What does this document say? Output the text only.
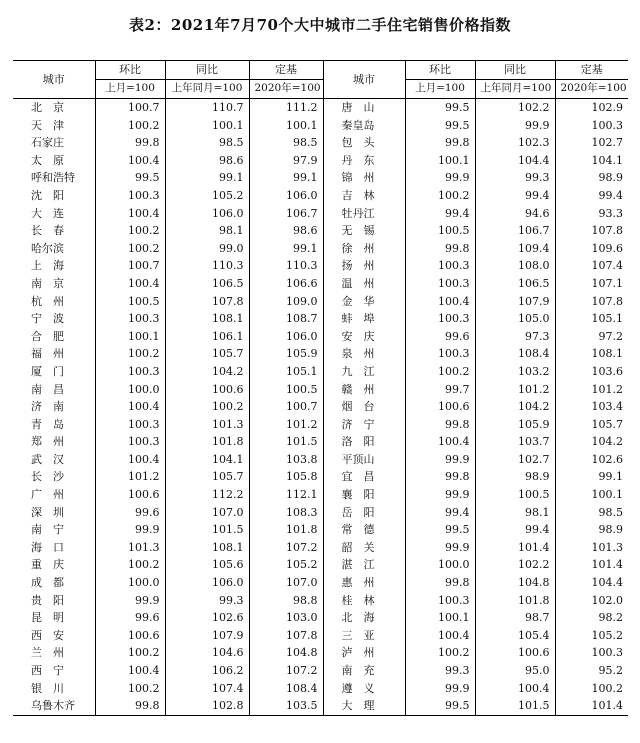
表2：2021年7月70个大中城市二手住宅销售价格指数
城市	环比	同比	定基	城市	环比	同比	定基
	上月=100	上年同月=100	2020年=100		上月=100	上年同月=100	2020年=100
北　京	100.7	110.7	111.2	唐　山	99.5	102.2	102.9
天　津	100.2	100.1	100.1	秦皇岛	99.5	99.9	100.3
石家庄	99.8	98.5	98.5	包　头	99.8	102.3	102.7
太　原	100.4	98.6	97.9	丹　东	100.1	104.4	104.1
呼和浩特	99.5	99.1	99.1	锦　州	99.9	99.3	98.9
沈　阳	100.3	105.2	106.0	吉　林	100.2	99.4	99.4
大　连	100.4	106.0	106.7	牡丹江	99.4	94.6	93.3
长　春	100.2	98.1	98.6	无　锡	100.5	106.7	107.8
哈尔滨	100.2	99.0	99.1	徐　州	99.8	109.4	109.6
上　海	100.7	110.3	110.3	扬　州	100.3	108.0	107.4
南　京	100.4	106.5	106.6	温　州	100.3	106.5	107.1
杭　州	100.5	107.8	109.0	金　华	100.4	107.9	107.8
宁　波	100.3	108.1	108.7	蚌　埠	100.3	105.0	105.1
合　肥	100.1	106.1	106.0	安　庆	99.6	97.3	97.2
福　州	100.2	105.7	105.9	泉　州	100.3	108.4	108.1
厦　门	100.3	104.2	105.1	九　江	100.2	103.2	103.6
南　昌	100.0	100.6	100.5	赣　州	99.7	101.2	101.2
济　南	100.4	100.2	100.7	烟　台	100.6	104.2	103.4
青　岛	100.3	101.3	101.2	济　宁	99.8	105.9	105.7
郑　州	100.3	101.8	101.5	洛　阳	100.4	103.7	104.2
武　汉	100.4	104.1	103.8	平顶山	99.9	102.7	102.6
长　沙	101.2	105.7	105.8	宜　昌	99.8	98.9	99.1
广　州	100.6	112.2	112.1	襄　阳	99.9	100.5	100.1
深　圳	99.6	107.0	108.3	岳　阳	99.4	98.1	98.5
南　宁	99.9	101.5	101.8	常　德	99.5	99.4	98.9
海　口	101.3	108.1	107.2	韶　关	99.9	101.4	101.3
重　庆	100.2	105.6	105.2	湛　江	100.0	102.2	101.4
成　都	100.0	106.0	107.0	惠　州	99.8	104.8	104.4
贵　阳	99.9	99.3	98.8	桂　林	100.3	101.8	102.0
昆　明	99.6	102.6	103.0	北　海	100.1	98.7	98.2
西　安	100.6	107.9	107.8	三　亚	100.4	105.4	105.2
兰　州	100.2	104.6	104.8	泸　州	100.2	100.6	100.3
西　宁	100.4	106.2	107.2	南　充	99.3	95.0	95.2
银　川	100.2	107.4	108.4	遵　义	99.9	100.4	100.2
乌鲁木齐	99.8	102.8	103.5	大　理	99.5	101.5	101.4
